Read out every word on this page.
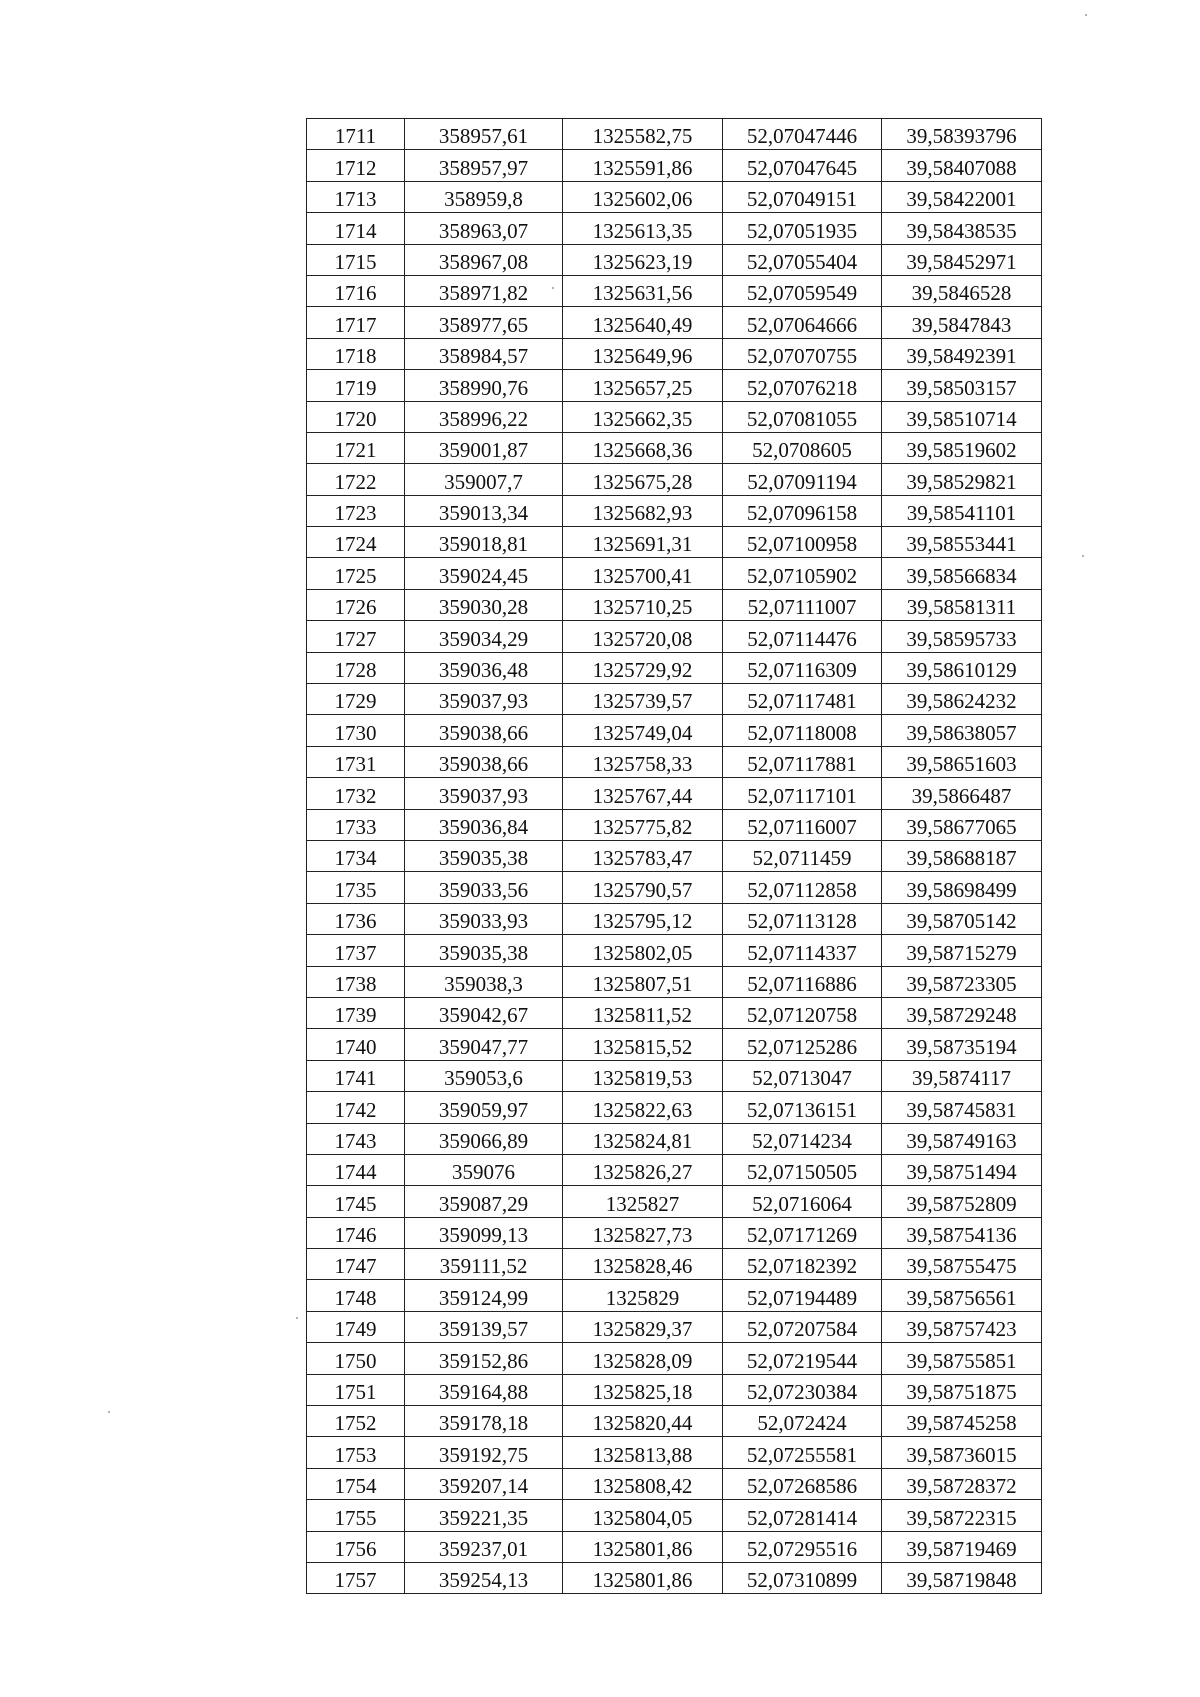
1711	358957,61	1325582,75	52,07047446	39,58393796
1712	358957,97	1325591,86	52,07047645	39,58407088
1713	358959,8	1325602,06	52,07049151	39,58422001
1714	358963,07	1325613,35	52,07051935	39,58438535
1715	358967,08	1325623,19	52,07055404	39,58452971
1716	358971,82	1325631,56	52,07059549	39,5846528
1717	358977,65	1325640,49	52,07064666	39,5847843
1718	358984,57	1325649,96	52,07070755	39,58492391
1719	358990,76	1325657,25	52,07076218	39,58503157
1720	358996,22	1325662,35	52,07081055	39,58510714
1721	359001,87	1325668,36	52,0708605	39,58519602
1722	359007,7	1325675,28	52,07091194	39,58529821
1723	359013,34	1325682,93	52,07096158	39,58541101
1724	359018,81	1325691,31	52,07100958	39,58553441
1725	359024,45	1325700,41	52,07105902	39,58566834
1726	359030,28	1325710,25	52,07111007	39,58581311
1727	359034,29	1325720,08	52,07114476	39,58595733
1728	359036,48	1325729,92	52,07116309	39,58610129
1729	359037,93	1325739,57	52,07117481	39,58624232
1730	359038,66	1325749,04	52,07118008	39,58638057
1731	359038,66	1325758,33	52,07117881	39,58651603
1732	359037,93	1325767,44	52,07117101	39,5866487
1733	359036,84	1325775,82	52,07116007	39,58677065
1734	359035,38	1325783,47	52,0711459	39,58688187
1735	359033,56	1325790,57	52,07112858	39,58698499
1736	359033,93	1325795,12	52,07113128	39,58705142
1737	359035,38	1325802,05	52,07114337	39,58715279
1738	359038,3	1325807,51	52,07116886	39,58723305
1739	359042,67	1325811,52	52,07120758	39,58729248
1740	359047,77	1325815,52	52,07125286	39,58735194
1741	359053,6	1325819,53	52,0713047	39,5874117
1742	359059,97	1325822,63	52,07136151	39,58745831
1743	359066,89	1325824,81	52,0714234	39,58749163
1744	359076	1325826,27	52,07150505	39,58751494
1745	359087,29	1325827	52,0716064	39,58752809
1746	359099,13	1325827,73	52,07171269	39,58754136
1747	359111,52	1325828,46	52,07182392	39,58755475
1748	359124,99	1325829	52,07194489	39,58756561
1749	359139,57	1325829,37	52,07207584	39,58757423
1750	359152,86	1325828,09	52,07219544	39,58755851
1751	359164,88	1325825,18	52,07230384	39,58751875
1752	359178,18	1325820,44	52,072424	39,58745258
1753	359192,75	1325813,88	52,07255581	39,58736015
1754	359207,14	1325808,42	52,07268586	39,58728372
1755	359221,35	1325804,05	52,07281414	39,58722315
1756	359237,01	1325801,86	52,07295516	39,58719469
1757	359254,13	1325801,86	52,07310899	39,58719848
